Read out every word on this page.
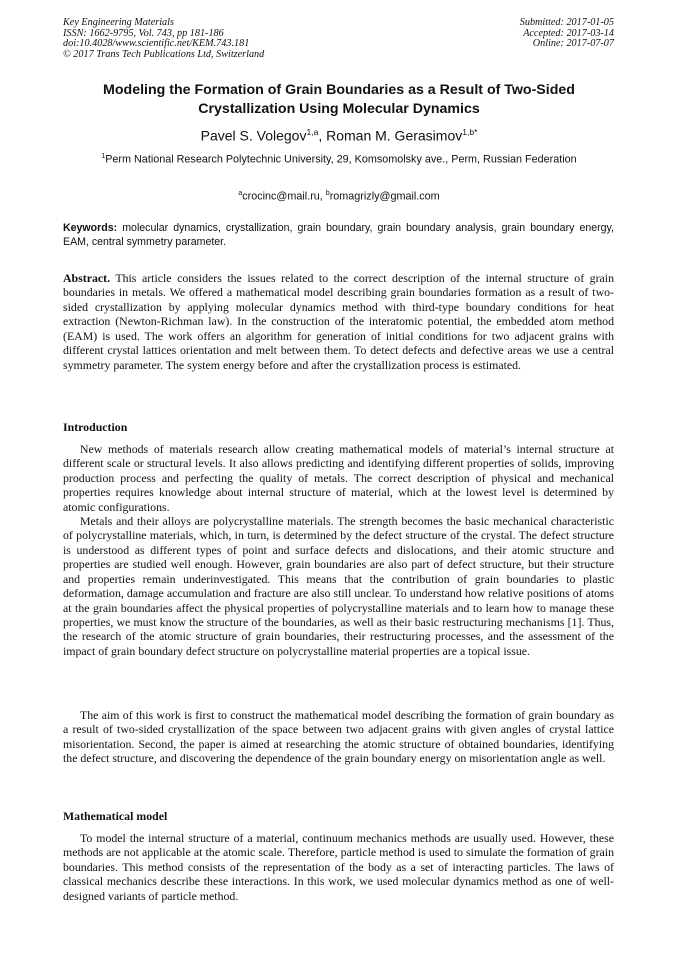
Key Engineering Materials
ISSN: 1662-9795, Vol. 743, pp 181-186
doi:10.4028/www.scientific.net/KEM.743.181
© 2017 Trans Tech Publications Ltd, Switzerland
Submitted: 2017-01-05
Accepted: 2017-03-14
Online: 2017-07-07
Modeling the Formation of Grain Boundaries as a Result of Two-Sided Crystallization Using Molecular Dynamics
Pavel S. Volegov$^{1,a}$, Roman M. Gerasimov$^{1,b*}$
$^1$Perm National Research Polytechnic University, 29, Komsomolsky ave., Perm, Russian Federation
$^a$crocinc@mail.ru, $^b$romagrizly@gmail.com
Keywords: molecular dynamics, crystallization, grain boundary, grain boundary analysis, grain boundary energy, EAM, central symmetry parameter.

Abstract. This article considers the issues related to the correct description of the internal structure of grain boundaries in metals. We offered a mathematical model describing grain boundaries formation as a result of two-sided crystallization by applying molecular dynamics method with third-type boundary conditions for heat extraction (Newton-Richman law). In the construction of the interatomic potential, the embedded atom method (EAM) is used. The work offers an algorithm for generation of initial conditions for two adjacent grains with different crystal lattices orientation and melt between them. To detect defects and defective areas we use a central symmetry parameter. The system energy before and after the crystallization process is estimated.

Introduction

New methods of materials research allow creating mathematical models of material’s internal structure at different scale or structural levels. It also allows predicting and identifying different properties of solids, improving production process and perfecting the quality of metals. The correct description of physical and mechanical properties requires knowledge about internal structure of material, which at the lowest level is determined by atomic configurations.

Metals and their alloys are polycrystalline materials. The strength becomes the basic mechanical characteristic of polycrystalline materials, which, in turn, is determined by the defect structure of the crystal. The defect structure is understood as different types of point and surface defects and dislocations, and their atomic structure and properties are studied well enough. However, grain boundaries are also part of defect structure, but their structure and properties remain underinvestigated. This means that the contribution of grain boundaries to plastic deformation, damage accumulation and fracture are also still unclear. To understand how relative positions of atoms at the grain boundaries affect the physical properties of polycrystalline materials and to learn how to manage these properties, we must know the structure of the boundaries, as well as their basic restructuring mechanisms [1]. Thus, the research of the atomic structure of grain boundaries, their restructuring processes, and the assessment of the impact of grain boundary defect structure on polycrystalline material properties are a topical issue.

The aim of this work is first to construct the mathematical model describing the formation of grain boundary as a result of two-sided crystallization of the space between two adjacent grains with given angles of crystal lattice misorientation. Second, the paper is aimed at researching the atomic structure of obtained boundaries, identifying the defect structure, and discovering the dependence of the grain boundary energy on misorientation angle as well.

Mathematical model

To model the internal structure of a material, continuum mechanics methods are usually used. However, these methods are not applicable at the atomic scale. Therefore, particle method is used to simulate the formation of grain boundaries. This method consists of the representation of the body as a set of interacting particles. The laws of classical mechanics describe these interactions. In this work, we used molecular dynamics method as one of well-designed variants of particle method.
